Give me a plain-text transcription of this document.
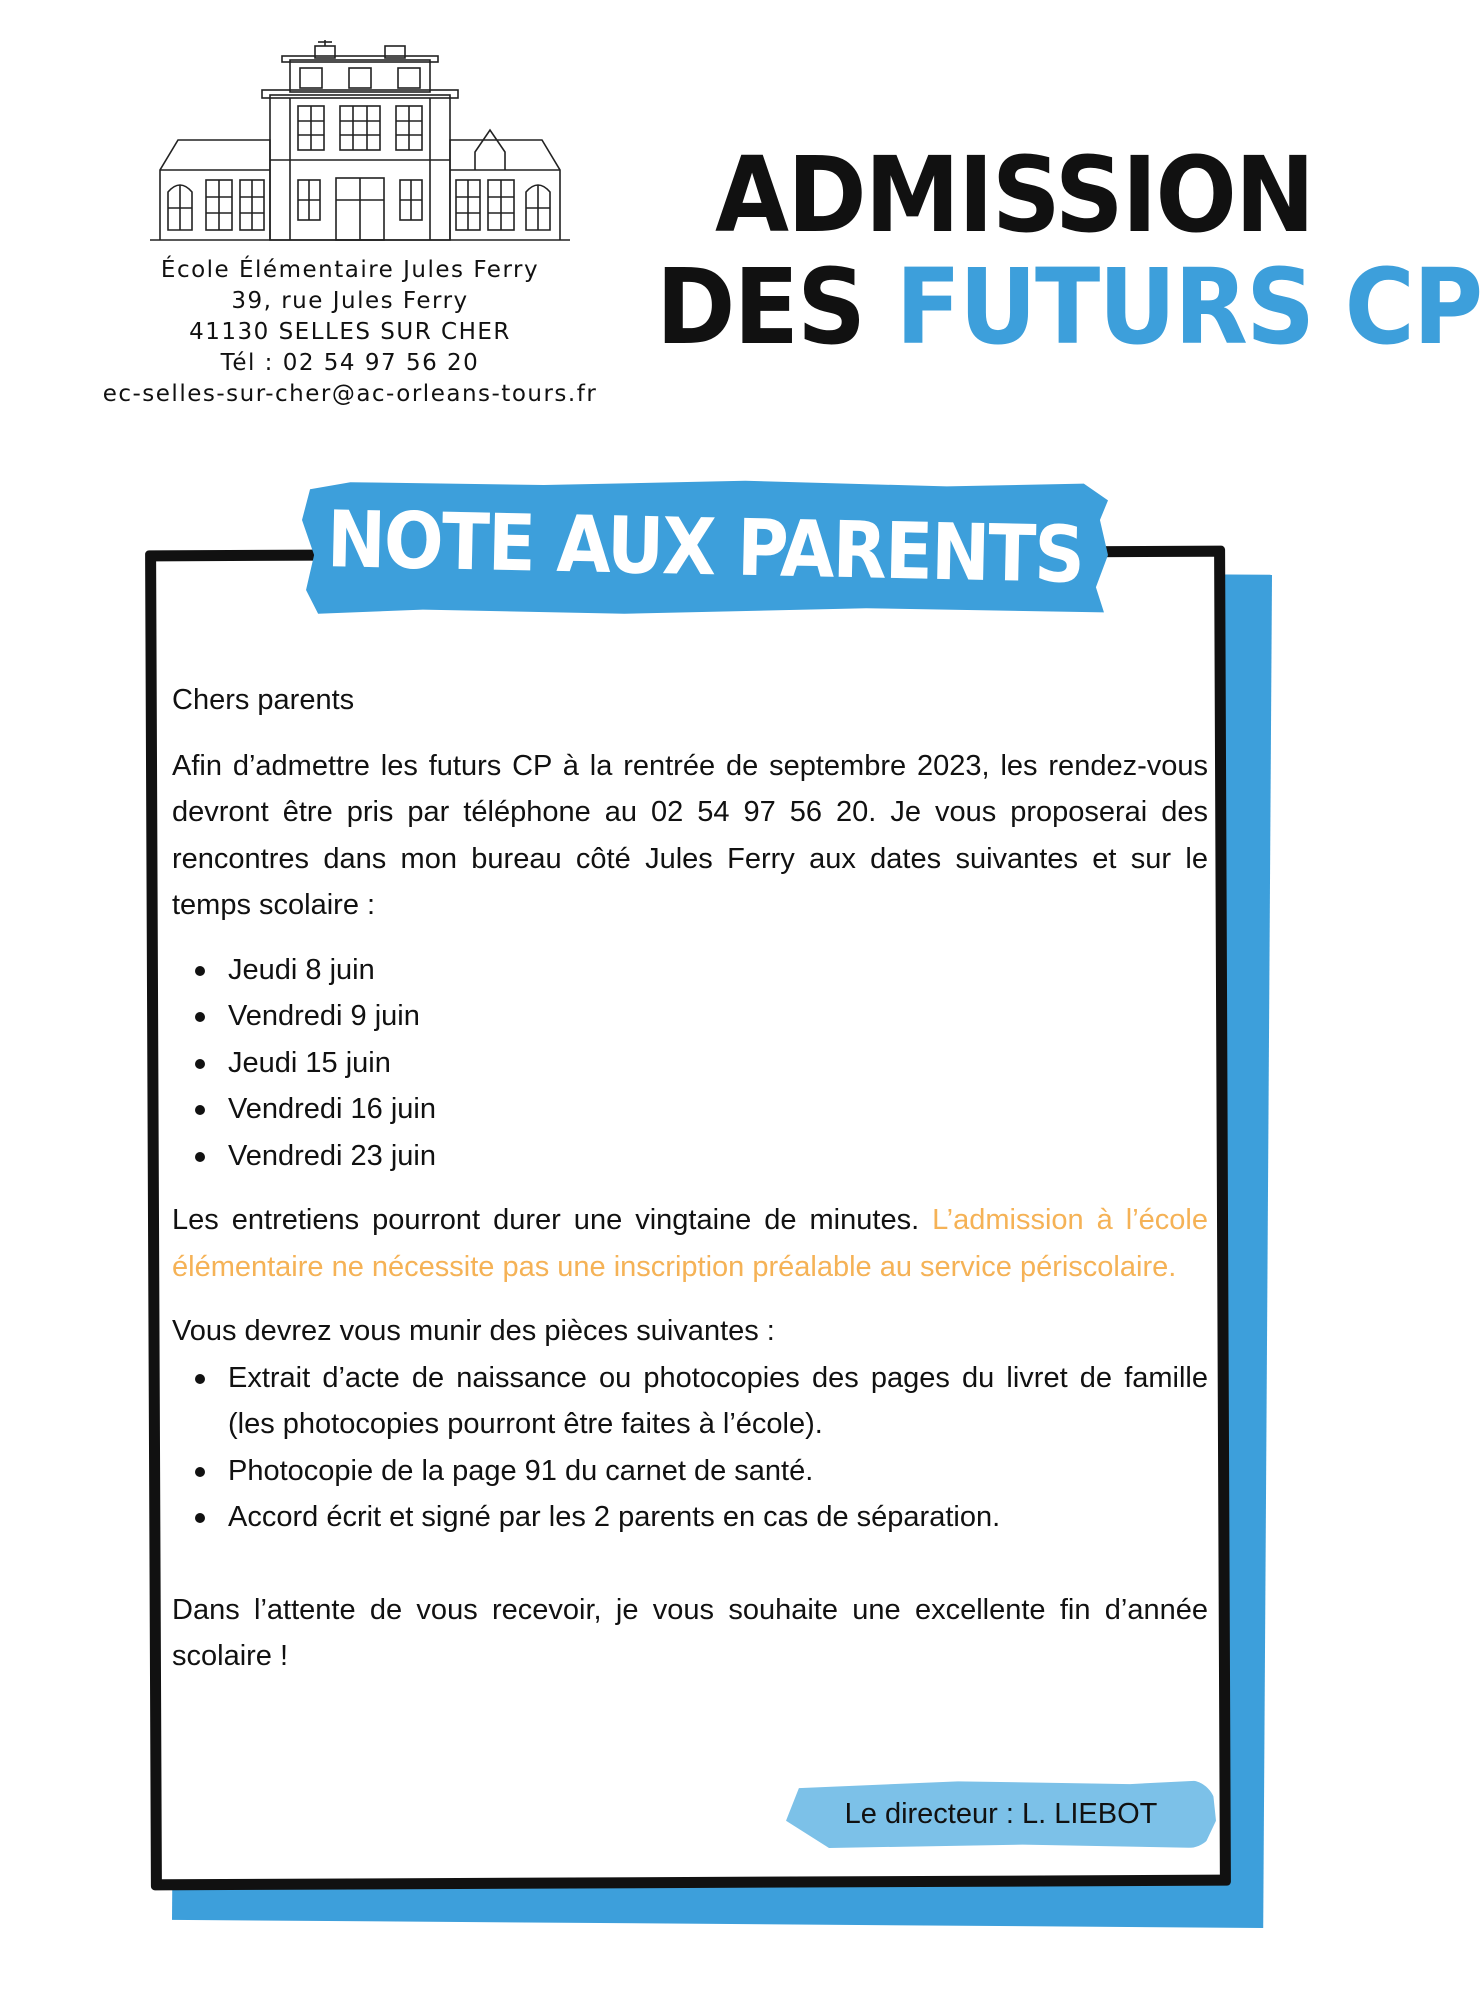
École Élémentaire Jules Ferry
39, rue Jules Ferry
41130 SELLES SUR CHER
Tél : 02 54 97 56 20
ec-selles-sur-cher@ac-orleans-tours.fr
ADMISSION
DES FUTURS CP
NOTE AUX PARENTS

Chers parents

Afin d’admettre les futurs CP à la rentrée de septembre 2023, les rendez-vous devront être pris par téléphone au 02 54 97 56 20. Je vous proposerai des rencontres dans mon bureau côté Jules Ferry aux dates suivantes et sur le temps scolaire :

Jeudi 8 juin
Vendredi 9 juin
Jeudi 15 juin
Vendredi 16 juin
Vendredi 23 juin

Les entretiens pourront durer une vingtaine de minutes. L’admission à l’école élémentaire ne nécessite pas une inscription préalable au service périscolaire.

Vous devrez vous munir des pièces suivantes :

Extrait d’acte de naissance ou photocopies des pages du livret de famille (les photocopies pourront être faites à l’école).
Photocopie de la page 91 du carnet de santé.
Accord écrit et signé par les 2 parents en cas de séparation.

Dans l’attente de vous recevoir, je vous souhaite une excellente fin d’année scolaire !

Le directeur : L. LIEBOT
